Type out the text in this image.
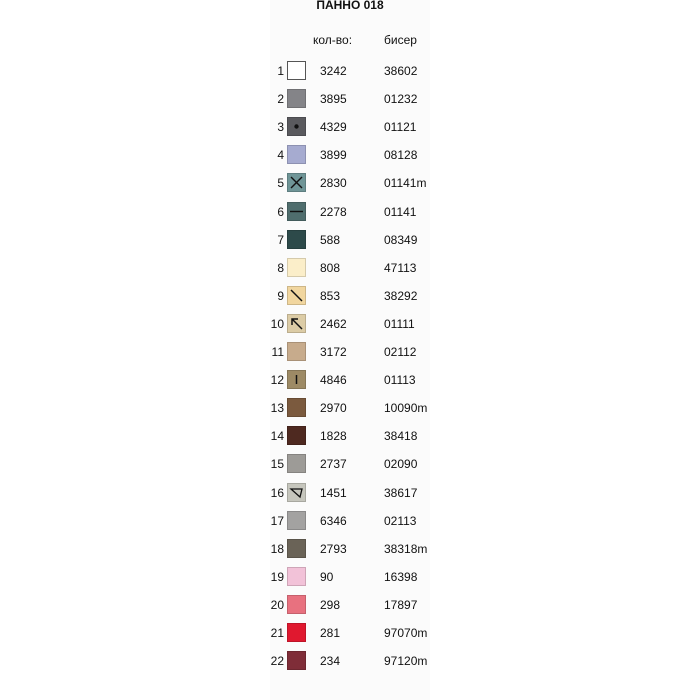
ПАННО 018
кол-во:	бисер
1	3242	38602
2	3895	01232
3	4329	01121
4	3899	08128
5	2830	01141m
6	2278	01141
7	588	08349
8	808	47113
9	853	38292
10	2462	01111
11	3172	02112
12	4846	01113
13	2970	10090m
14	1828	38418
15	2737	02090
16	1451	38617
17	6346	02113
18	2793	38318m
19	90	16398
20	298	17897
21	281	97070m
22	234	97120m
